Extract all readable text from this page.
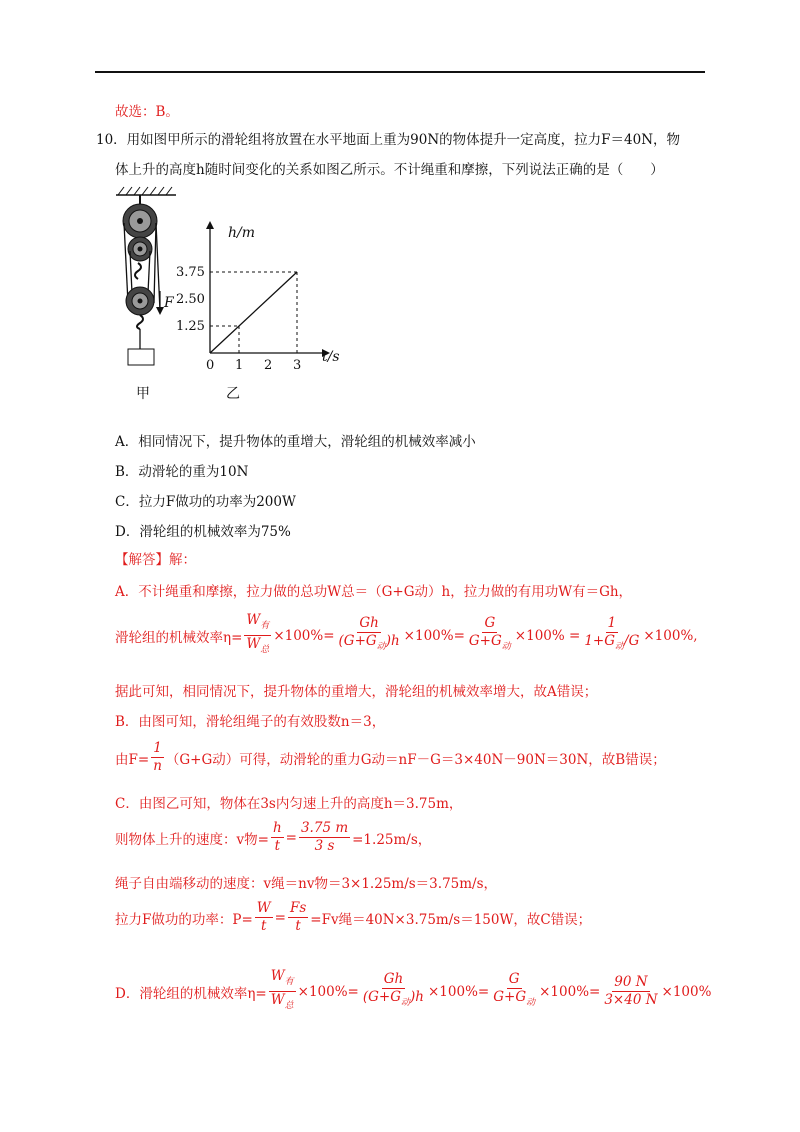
故选：B。
10．用如图甲所示的滑轮组将放置在水平地面上重为90N的物体提升一定高度，拉力F＝40N，物
体上升的高度h随时间变化的关系如图乙所示。不计绳重和摩擦，下列说法正确的是（　　）
0 1 2 3
1.25
2.50
3.75
F
h/m
t/s
甲	乙
A．相同情况下，提升物体的重增大，滑轮组的机械效率减小
B．动滑轮的重为10N
C．拉力F做功的功率为200W
D．滑轮组的机械效率为75%
【解答】解：
A．不计绳重和摩擦，拉力做的总功W总＝（G+G动）h，拉力做的有用功W有＝Gh，
滑轮组的机械效率$\eta= \frac{W_有}{W_总} \times 100\%= \frac{Gh}{(G+G_动)h} \times 100\%= \frac{G}{G+G_动} \times 100\% = \frac{1}{1+G_动/G} \times 100\%$,
据此可知，相同情况下，提升物体的重增大，滑轮组的机械效率增大，故A错误；
B．由图可知，滑轮组绳子的有效股数n＝3，
由$F= \frac{1}{n} (G+G$动）可得，动滑轮的重力G动＝nF－G＝3×40N－90N＝30N，故B错误；
C．由图乙可知，物体在3s内匀速上升的高度h＝3.75m，
则物体上升的速度：v物= $\frac{h}{t} = \frac{3.75 m}{3 s} =1.25m/s$，
绳子自由端移动的速度：v绳＝nv物＝3×1.25m/s＝3.75m/s，
拉力F做功的功率：$P= \frac{W}{t} = \frac{Fs}{t} =Fv$绳＝40N×3.75m/s＝150W，故C错误；
D．滑轮组的机械效率$\eta= \frac{W_有}{W_总} \times 100\%= \frac{Gh}{(G+G_动)h} \times 100\%= \frac{G}{G+G_动} \times 100\%= \frac{90 N}{3\times 40 N} \times 100\%$
